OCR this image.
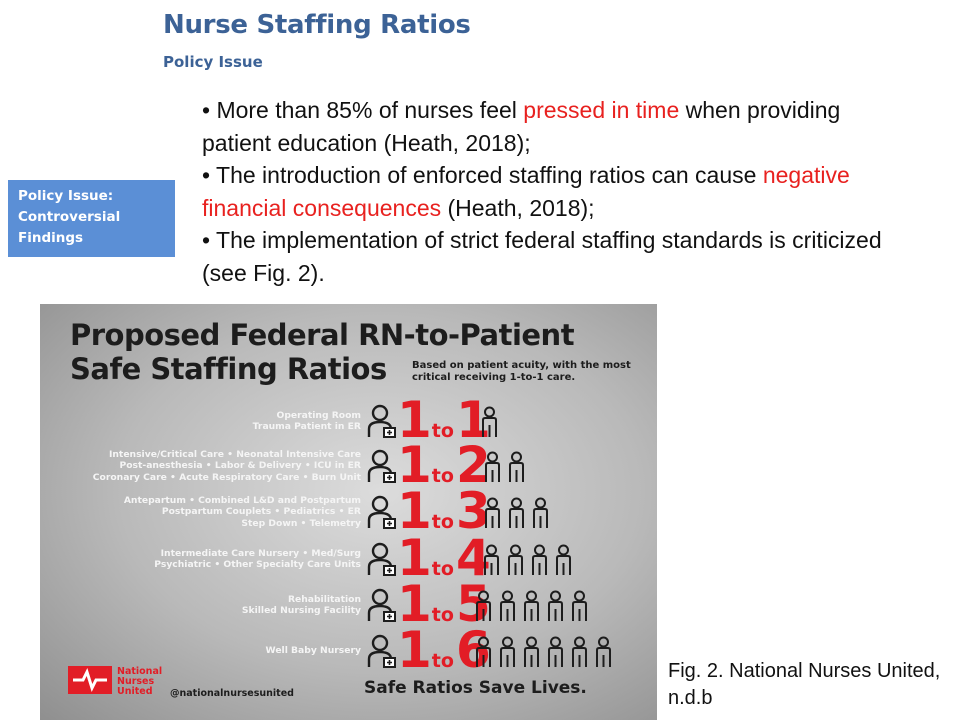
Nurse Staffing Ratios
Policy Issue

• More than 85% of nurses feel pressed in time when providing patient education (Heath, 2018);

• The introduction of enforced staffing ratios can cause negative financial consequences (Heath, 2018);

• The implementation of strict federal staffing standards is criticized (see Fig. 2).

Policy Issue:
Controversial
Findings
Proposed Federal RN-to-Patient
Safe Staffing Ratios	Based on patient acuity, with the most critical receiving 1-to-1 care.
Operating Room
Trauma Patient in ER 1 to1
Intensive/Critical Care • Neonatal Intensive Care
Post-anesthesia • Labor & Delivery • ICU in ER
Coronary Care • Acute Respiratory Care • Burn Unit 1 to2
Antepartum • Combined L&D and Postpartum
Postpartum Couplets • Pediatrics • ER
Step Down • Telemetry 1 to3
Intermediate Care Nursery • Med/Surg
Psychiatric • Other Specialty Care Units 1 to4
Rehabilitation
Skilled Nursing Facility 1 to5
Well Baby Nursery 1 to6
National
Nurses
United	@nationalnursesunited	Safe Ratios Save Lives.
Fig. 2. National Nurses United, n.d.b
